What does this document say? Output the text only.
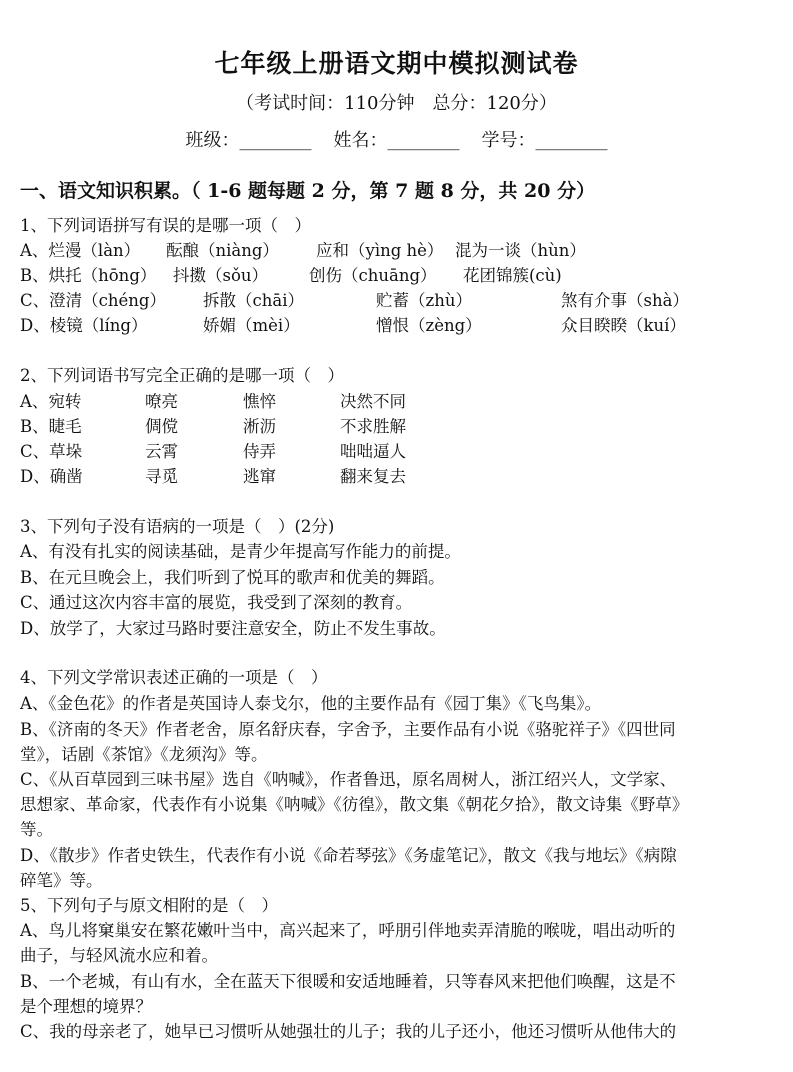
七年级上册语文期中模拟测试卷
（考试时间：110分钟　总分：120分）
班级：________ 姓名：________ 学号：________
一、语文知识积累。（ 1-6 题每题 2 分，第 7 题 8 分，共 20 分）
1、下列词语拼写有误的是哪一项（　）
A、烂漫（làn） 酝酿（niàng） 应和（yìng hè） 混为一谈（hùn）
B、烘托（hōng） 抖擞（sǒu） 创伤（chuāng） 花团锦簇(cù)
C、澄清（chéng） 拆散（chāi）	贮蓄（zhù）	煞有介事（shà）
D、棱镜（líng）	娇媚（mèi）	憎恨（zèng）	众目睽睽（kuí）
2、下列词语书写完全正确的是哪一项（　）
A、宛转	嘹亮	憔悴	决然不同
B、睫毛	倜傥	淅沥	不求胜解
C、草垛	云霄	侍弄	咄咄逼人
D、确凿	寻觅	逃窜	翻来复去
3、下列句子没有语病的一项是（　）(2分)
A、有没有扎实的阅读基础，是青少年提高写作能力的前提。
B、在元旦晚会上，我们听到了悦耳的歌声和优美的舞蹈。
C、通过这次内容丰富的展览，我受到了深刻的教育。
D、放学了，大家过马路时要注意安全，防止不发生事故。
4、下列文学常识表述正确的一项是（　）
A、《金色花》的作者是英国诗人泰戈尔，他的主要作品有《园丁集》《飞鸟集》。
B、《济南的冬天》作者老舍，原名舒庆春，字舍予，主要作品有小说《骆驼祥子》《四世同
堂》，话剧《茶馆》《龙须沟》等。
C、《从百草园到三味书屋》选自《呐喊》，作者鲁迅，原名周树人，浙江绍兴人，文学家、
思想家、革命家，代表作有小说集《呐喊》《彷徨》，散文集《朝花夕拾》，散文诗集《野草》
等。
D、《散步》作者史铁生，代表作有小说《命若琴弦》《务虚笔记》，散文《我与地坛》《病隙
碎笔》等。
5、下列句子与原文相附的是（　）
A、鸟儿将窠巢安在繁花嫩叶当中，高兴起来了，呼朋引伴地卖弄清脆的喉咙，唱出动听的
曲子，与轻风流水应和着。
B、一个老城，有山有水，全在蓝天下很暖和安适地睡着，只等春风来把他们唤醒，这是不
是个理想的境界？
C、我的母亲老了，她早已习惯听从她强壮的儿子；我的儿子还小，他还习惯听从他伟大的
